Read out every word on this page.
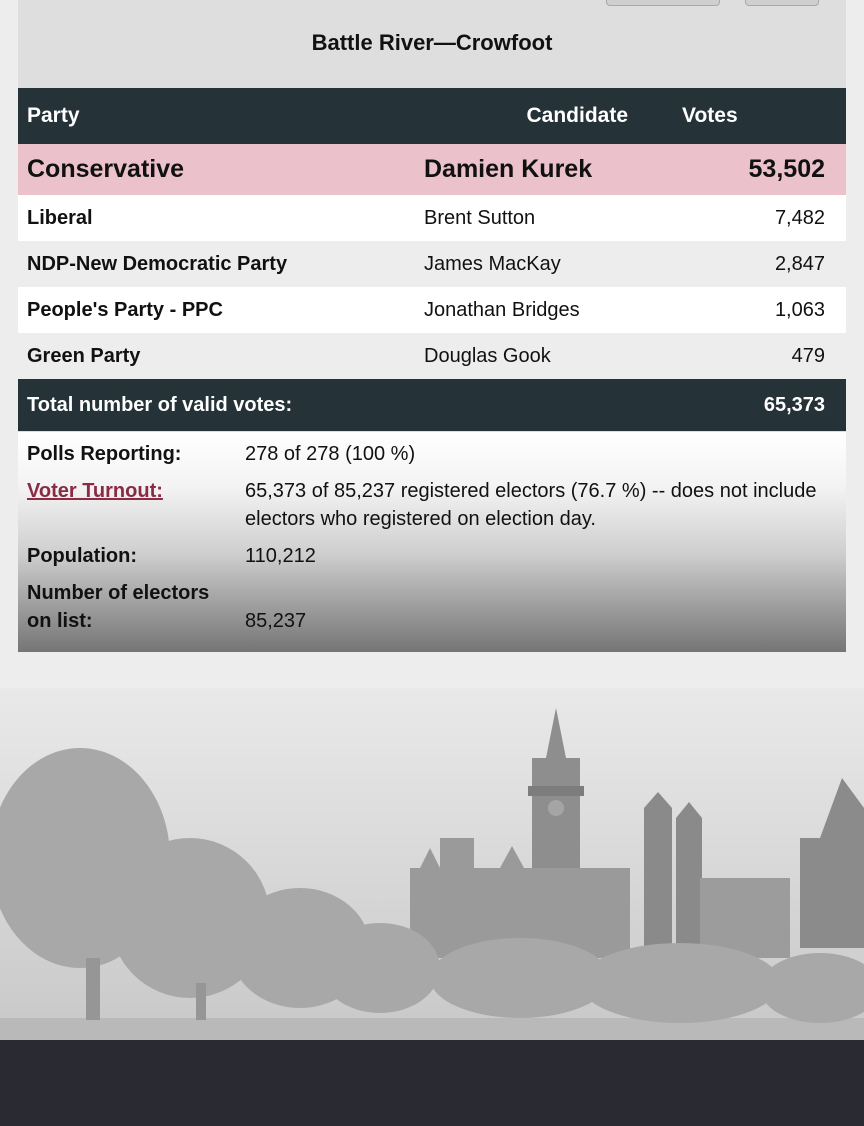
Battle River—Crowfoot
Party	Candidate	Votes
Conservative	Damien Kurek	53,502
Liberal	Brent Sutton	7,482
NDP-New Democratic Party	James MacKay	2,847
People's Party - PPC	Jonathan Bridges	1,063
Green Party	Douglas Gook	479
Total number of valid votes:		65,373
Polls Reporting:	278 of 278 (100 %)
Voter Turnout:	65,373 of 85,237 registered electors (76.7 %) -- does not include electors who registered on election day.
Population:	110,212
Number of electors on list:	85,237
